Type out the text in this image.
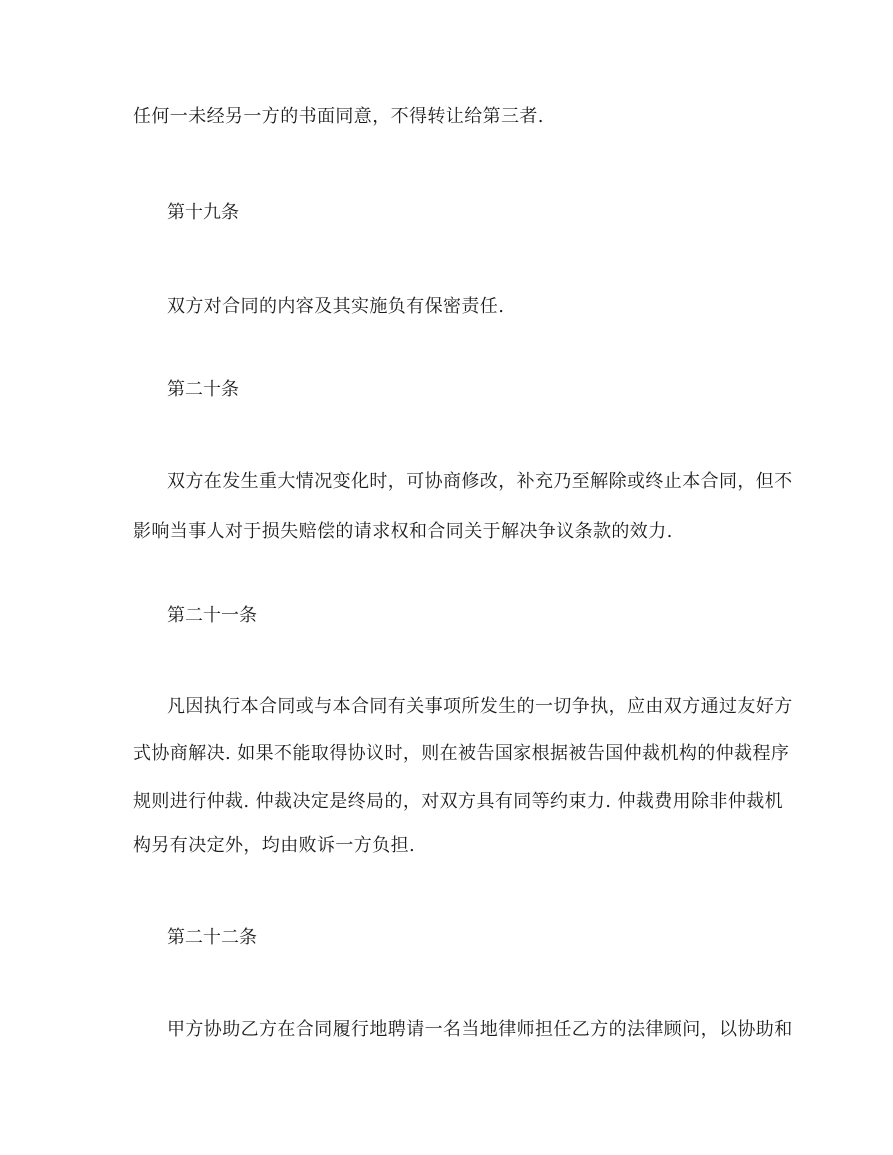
任何一未经另一方的书面同意，不得转让给第三者.
第十九条
双方对合同的内容及其实施负有保密责任.
第二十条
双方在发生重大情况变化时，可协商修改，补充乃至解除或终止本合同，但不
影响当事人对于损失赔偿的请求权和合同关于解决争议条款的效力.
第二十一条
凡因执行本合同或与本合同有关事项所发生的一切争执，应由双方通过友好方
式协商解决. 如果不能取得协议时，则在被告国家根据被告国仲裁机构的仲裁程序
规则进行仲裁. 仲裁决定是终局的，对双方具有同等约束力. 仲裁费用除非仲裁机
构另有决定外，均由败诉一方负担.
第二十二条
甲方协助乙方在合同履行地聘请一名当地律师担任乙方的法律顾问，以协助和
